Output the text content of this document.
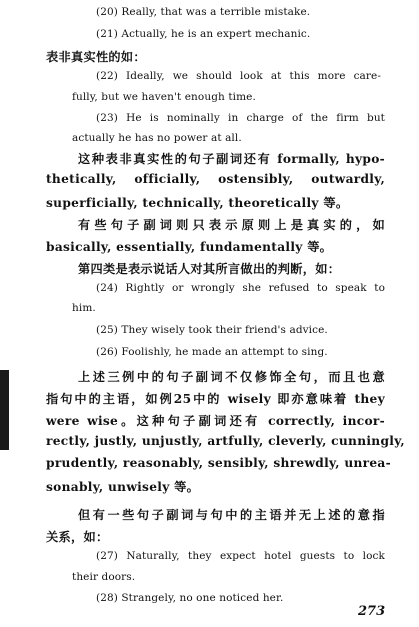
(20) Really, that was a terrible mistake.
(21) Actually, he is an expert mechanic.
表非真实性的如：
(22) Ideally, we should look at this more care-
fully, but we haven't enough time.
(23) He is nominally in charge of the firm but
actually he has no power at all.
这种表非真实性的句子副词还有 formally, hypo-
thetically, officially, ostensibly, outwardly,
superficially, technically, theoretically 等。
有些句子副词则只表示原则上是真实的，如
basically, essentially, fundamentally 等。
第四类是表示说话人对其所言做出的判断，如：
(24) Rightly or wrongly she refused to speak to
him.
(25) They wisely took their friend's advice.
(26) Foolishly, he made an attempt to sing.
上述三例中的句子副词不仅修饰全句，而且也意
指句中的主语，如例25中的 wisely 即亦意味着 they
were wise。这种句子副词还有 correctly, incor-
rectly, justly, unjustly, artfully, cleverly, cunningly,
prudently, reasonably, sensibly, shrewdly, unrea-
sonably, unwisely 等。
但有一些句子副词与句中的主语并无上述的意指
关系，如：
(27) Naturally, they expect hotel guests to lock
their doors.
(28) Strangely, no one noticed her.
273
